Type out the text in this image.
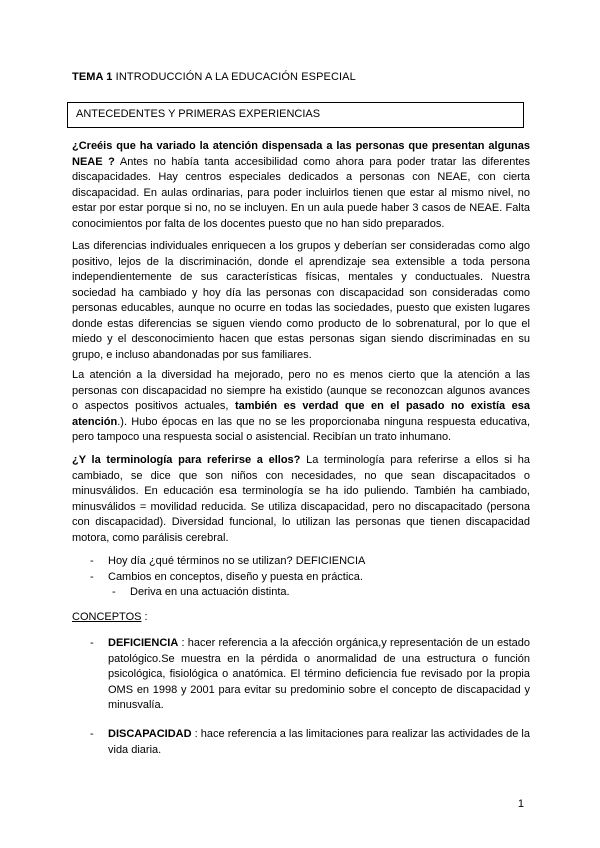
TEMA 1 INTRODUCCIÓN A LA EDUCACIÓN ESPECIAL
ANTECEDENTES Y PRIMERAS EXPERIENCIAS

¿Creéis que ha variado la atención dispensada a las personas que presentan algunas NEAE ? Antes no había tanta accesibilidad como ahora para poder tratar las diferentes discapacidades. Hay centros especiales dedicados a personas con NEAE, con cierta discapacidad. En aulas ordinarias, para poder incluirlos tienen que estar al mismo nivel, no estar por estar porque si no, no se incluyen. En un aula puede haber 3 casos de NEAE. Falta conocimientos por falta de los docentes puesto que no han sido preparados.

Las diferencias individuales enriquecen a los grupos y deberían ser consideradas como algo positivo, lejos de la discriminación, donde el aprendizaje sea extensible a toda persona independientemente de sus características físicas, mentales y conductuales. Nuestra sociedad ha cambiado y hoy día las personas con discapacidad son consideradas como personas educables, aunque no ocurre en todas las sociedades, puesto que existen lugares donde estas diferencias se siguen viendo como producto de lo sobrenatural, por lo que el miedo y el desconocimiento hacen que estas personas sigan siendo discriminadas en su grupo, e incluso abandonadas por sus familiares.

La atención a la diversidad ha mejorado, pero no es menos cierto que la atención a las personas con discapacidad no siempre ha existido (aunque se reconozcan algunos avances o aspectos positivos actuales, también es verdad que en el pasado no existía esa atención.). Hubo épocas en las que no se les proporcionaba ninguna respuesta educativa, pero tampoco una respuesta social o asistencial. Recibían un trato inhumano.

¿Y la terminología para referirse a ellos? La terminología para referirse a ellos si ha cambiado, se dice que son niños con necesidades, no que sean discapacitados o minusválidos. En educación esa terminología se ha ido puliendo. También ha cambiado, minusválidos = movilidad reducida. Se utiliza discapacidad, pero no discapacitado (persona con discapacidad). Diversidad funcional, lo utilizan las personas que tienen discapacidad motora, como parálisis cerebral.

- Hoy día ¿qué términos no se utilizan? DEFICIENCIA
- Cambios en conceptos, diseño y puesta en práctica.
- Deriva en una actuación distinta.
CONCEPTOS :
- DEFICIENCIA : hacer referencia a la afección orgánica,y representación de un estado patológico.Se muestra en la pérdida o anormalidad de una estructura o función psicológica, fisiológica o anatómica. El término deficiencia fue revisado por la propia OMS en 1998 y 2001 para evitar su predominio sobre el concepto de discapacidad y minusvalía.
- DISCAPACIDAD : hace referencia a las limitaciones para realizar las actividades de la vida diaria.
1
